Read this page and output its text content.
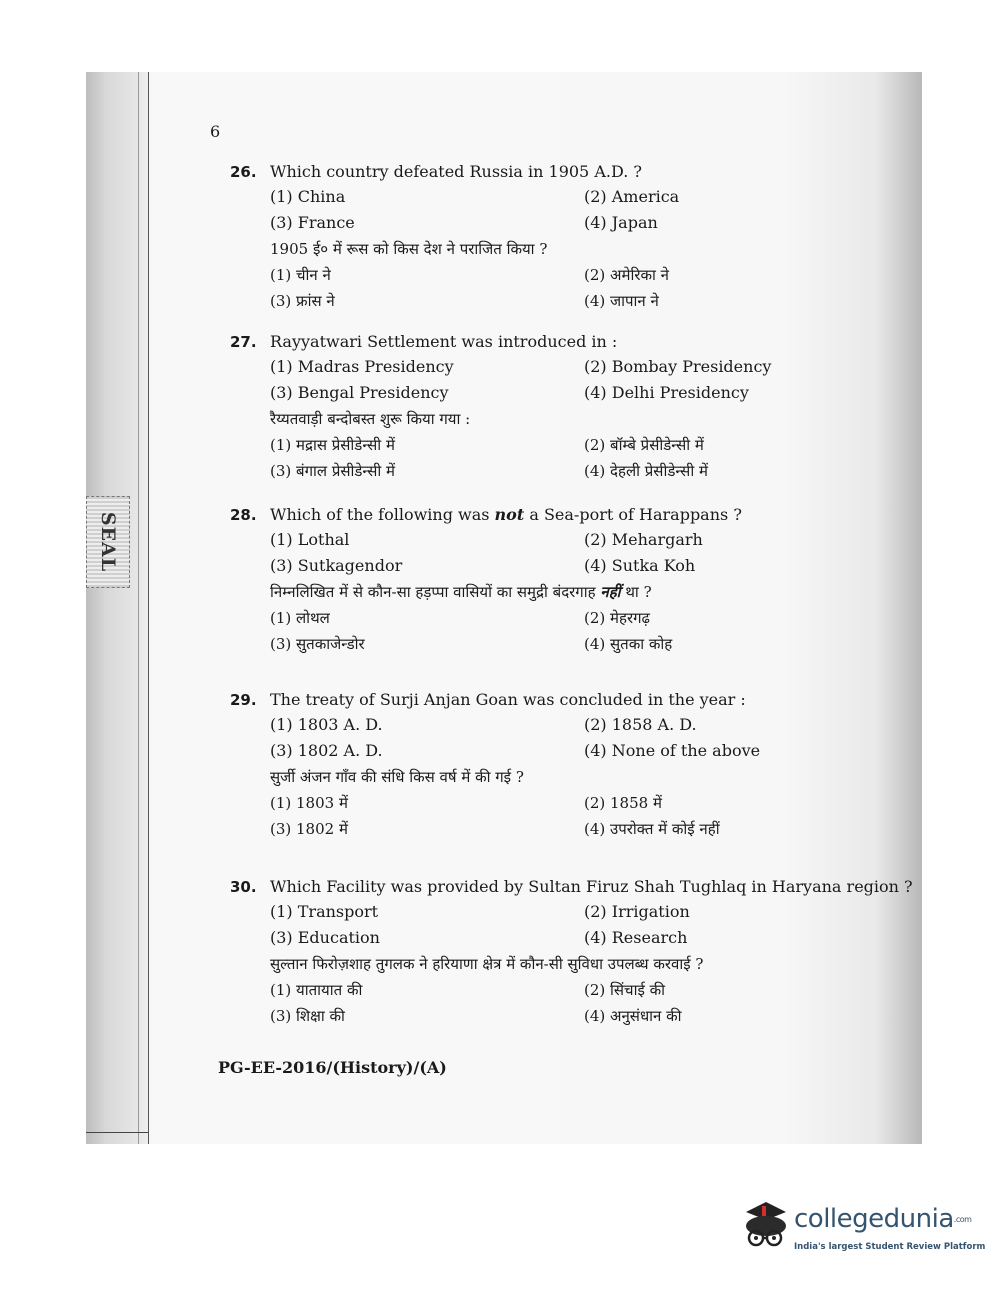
SEAL
6
26. Which country defeated Russia in 1905 A.D. ?
(1) China	(2) America
(3) France	(4) Japan
1905 ई० में रूस को किस देश ने पराजित किया ?
(1) चीन ने	(2) अमेरिका ने
(3) फ्रांस ने	(4) जापान ने
27. Rayyatwari Settlement was introduced in :
(1) Madras Presidency	(2) Bombay Presidency
(3) Bengal Presidency	(4) Delhi Presidency
रैय्यतवाड़ी बन्दोबस्त शुरू किया गया :
(1) मद्रास प्रेसीडेन्सी में	(2) बॉम्बे प्रेसीडेन्सी में
(3) बंगाल प्रेसीडेन्सी में	(4) देहली प्रेसीडेन्सी में
28. Which of the following was not a Sea-port of Harappans ?
(1) Lothal	(2) Mehargarh
(3) Sutkagendor	(4) Sutka Koh
निम्नलिखित में से कौन-सा हड़प्पा वासियों का समुद्री बंदरगाह नहीं था ?
(1) लोथल	(2) मेहरगढ़
(3) सुतकाजेन्डोर	(4) सुतका कोह
29. The treaty of Surji Anjan Goan was concluded in the year :
(1) 1803 A. D.	(2) 1858 A. D.
(3) 1802 A. D.	(4) None of the above
सुर्जी अंजन गाँव की संधि किस वर्ष में की गई ?
(1) 1803 में	(2) 1858 में
(3) 1802 में	(4) उपरोक्त में कोई नहीं
30. Which Facility was provided by Sultan Firuz Shah Tughlaq in Haryana region ?
(1) Transport	(2) Irrigation
(3) Education	(4) Research
सुल्तान फिरोज़शाह तुगलक ने हरियाणा क्षेत्र में कौन-सी सुविधा उपलब्ध करवाई ?
(1) यातायात की	(2) सिंचाई की
(3) शिक्षा की	(4) अनुसंधान की
PG-EE-2016/(History)/(A)
collegedunia.com
India's largest Student Review Platform
